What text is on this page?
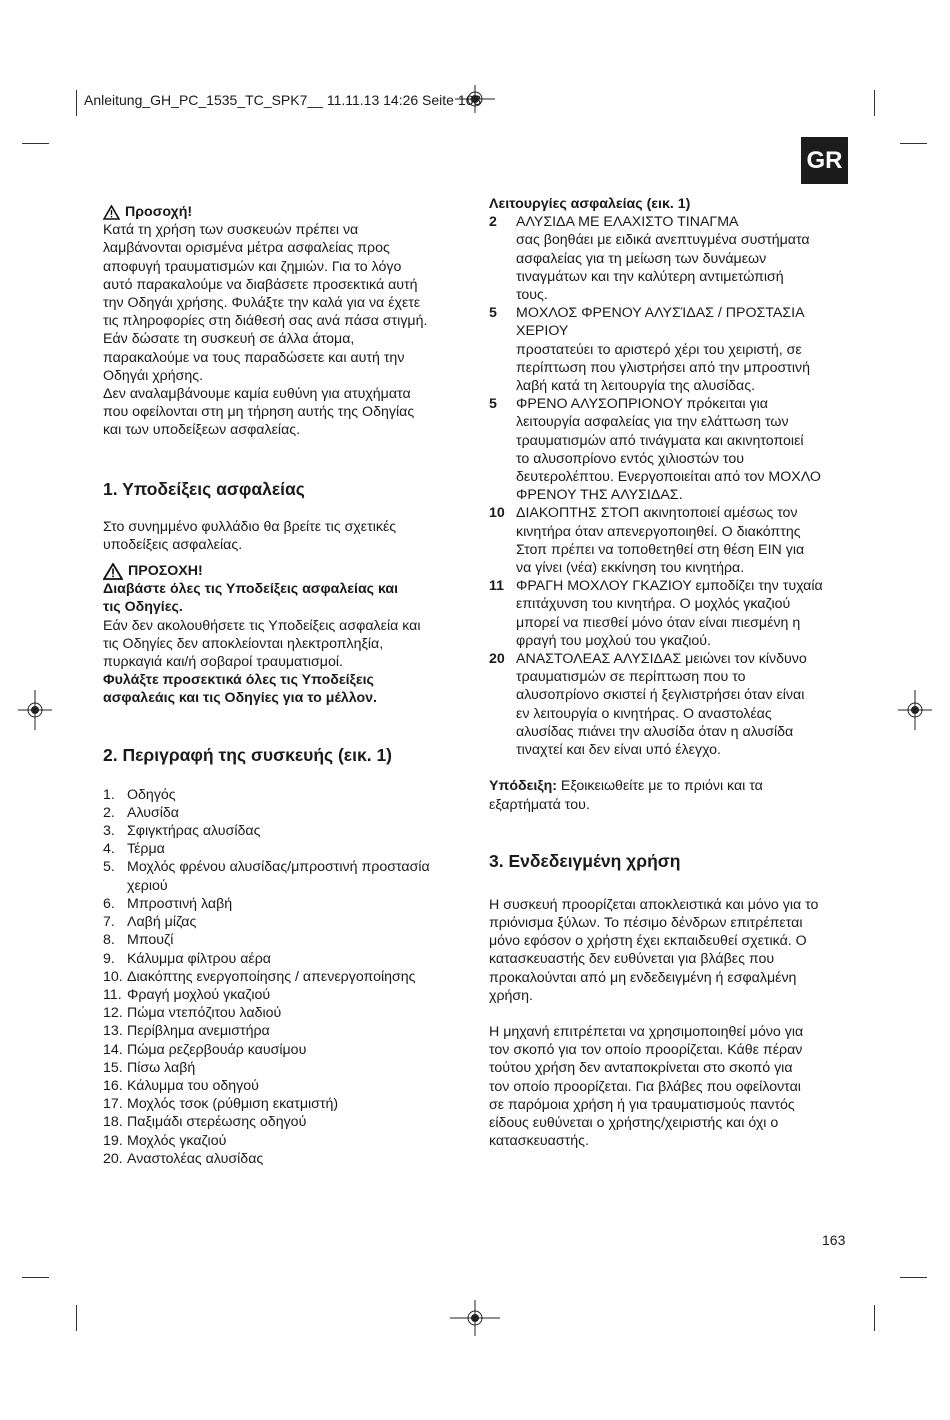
Anleitung_GH_PC_1535_TC_SPK7__ 11.11.13 14:26 Seite 163
GR
Προσοχή!

Κατά τη χρήση των συσκευών πρέπει να

λαμβάνονται ορισμένα μέτρα ασφαλείας προς

αποφυγή τραυματισμών και ζημιών. Για το λόγο

αυτό παρακαλούμε να διαβάσετε προσεκτικά αυτή

την Οδηγάι χρήσης. Φυλάξτε την καλά για να έχετε

τις πληροφορίες στη διάθεσή σας ανά πάσα στιγμή.

Εάν δώσατε τη συσκευή σε άλλα άτομα,

παρακαλούμε να τους παραδώσετε και αυτή την

Οδηγάι χρήσης.

Δεν αναλαμβάνουμε καμία ευθύνη για ατυχήματα

που οφείλονται στη μη τήρηση αυτής της Οδηγίας

και των υποδείξεων ασφαλείας.

1. Υποδείξεις ασφαλείας

Στο συνημμένο φυλλάδιο θα βρείτε τις σχετικές

υποδείξεις ασφαλείας.

ΠΡΟΣΟΧΗ!

Διαβάστε όλες τις Υποδείξεις ασφαλείας και

τις Οδηγίες.

Εάν δεν ακολουθήσετε τις Υποδείξεις ασφαλεία και

τις Οδηγίες δεν αποκλείονται ηλεκτροπληξία,

πυρκαγιά και/ή σοβαροί τραυματισμοί.

Φυλάξτε προσεκτικά όλες τις Υποδείξεις

ασφαλεάις και τις Οδηγίες για το μέλλον.

2. Περιγραφή της συσκευής (εικ. 1)
1. Οδηγός
2. Αλυσίδα
3. Σφιγκτήρας αλυσίδας
4. Τέρμα
5. Μοχλός φρένου αλυσίδας/μπροστινή προστασία
χεριού
6. Μπροστινή λαβή
7. Λαβή μίζας
8. Μπουζί
9. Κάλυμμα φίλτρου αέρα
10. Διακόπτης ενεργοποίησης / απενεργοποίησης
11. Φραγή μοχλού γκαζιού
12. Πώμα ντεπόζιτου λαδιού
13. Περίβλημα ανεμιστήρα
14. Πώμα ρεζερβουάρ καυσίμου
15. Πίσω λαβή
16. Κάλυμμα του οδηγού
17. Μοχλός τσοκ (ρύθμιση εκατμιστή)
18. Παξιμάδι στερέωσης οδηγού
19. Μοχλός γκαζιού
20. Αναστολέας αλυσίδας
Λειτουργίες ασφαλείας (εικ. 1)
2	ΑΛΥΣΙΔΑ ΜΕ ΕΛΑΧΙΣΤΟ ΤΙΝΑΓΜΑ
σας βοηθάει με ειδικά ανεπτυγμένα συστήματα
ασφαλείας για τη μείωση των δυνάμεων
τιναγμάτων και την καλύτερη αντιμετώπισή
τους.
5	ΜΟΧΛΟΣ ΦΡΕΝΟΥ ΑΛΥΣΊΔΑΣ / ΠΡΟΣΤΑΣΙΑ
ΧΕΡΙΟΥ
προστατεύει το αριστερό χέρι του χειριστή, σε
περίπτωση που γλιστρήσει από την μπροστινή
λαβή κατά τη λειτουργία της αλυσίδας.
5	ΦΡΕΝΟ ΑΛΥΣΟΠΡΙΟΝΟΥ πρόκειται για
λειτουργία ασφαλείας για την ελάττωση των
τραυματισμών από τινάγματα και ακινητοποιεί
το αλυσοπρίονο εντός χιλιοστών του
δευτερολέπτου. Ενεργοποιείται από τον ΜΟΧΛΟ
ΦΡΕΝΟΥ ΤΗΣ ΑΛΥΣΙΔΑΣ.
10 ΔΙΑΚΟΠΤΗΣ ΣΤΟΠ ακινητοποιεί αμέσως τον
κινητήρα όταν απενεργοποιηθεί. Ο διακόπτης
Στοπ πρέπει να τοποθετηθεί στη θέση ΕΙΝ για
να γίνει (νέα) εκκίνηση του κινητήρα.
11 ΦΡΑΓΗ ΜΟΧΛΟΥ ΓΚΑΖΙΟΥ εμποδίζει την τυχαία
επιτάχυνση του κινητήρα. Ο μοχλός γκαζιού
μπορεί να πιεσθεί μόνο όταν είναι πιεσμένη η
φραγή του μοχλού του γκαζιού.
20 ΑΝΑΣΤΟΛΕΑΣ ΑΛΥΣΙΔΑΣ μειώνει τον κίνδυνο
τραυματισμών σε περίπτωση που το
αλυσοπρίονο σκιστεί ή ξεγλιστρήσει όταν είναι
εν λειτουργία ο κινητήρας. Ο αναστολέας
αλυσίδας πιάνει την αλυσίδα όταν η αλυσίδα
τιναχτεί και δεν είναι υπό έλεγχο.

Υπόδειξη: Εξοικειωθείτε με το πριόνι και τα

εξαρτήματά του.

3. Ενδεδειγμένη χρήση

Η συσκευή προορίζεται αποκλειστικά και μόνο για το

πριόνισμα ξύλων. Το πέσιμο δένδρων επιτρέπεται

μόνο εφόσον ο χρήστη έχει εκπαιδευθεί σχετικά. Ο

κατασκευαστής δεν ευθύνεται για βλάβες που

προκαλούνται από μη ενδεδειγμένη ή εσφαλμένη

χρήση.

Η μηχανή επιτρέπεται να χρησιμοποιηθεί μόνο για

τον σκοπό για τον οποίο προορίζεται. Κάθε πέραν

τούτου χρήση δεν ανταποκρίνεται στο σκοπό για

τον οποίο προορίζεται. Για βλάβες που οφείλονται

σε παρόμοια χρήση ή για τραυματισμούς παντός

είδους ευθύνεται ο χρήστης/χειριστής και όχι ο

κατασκευαστής.

163
